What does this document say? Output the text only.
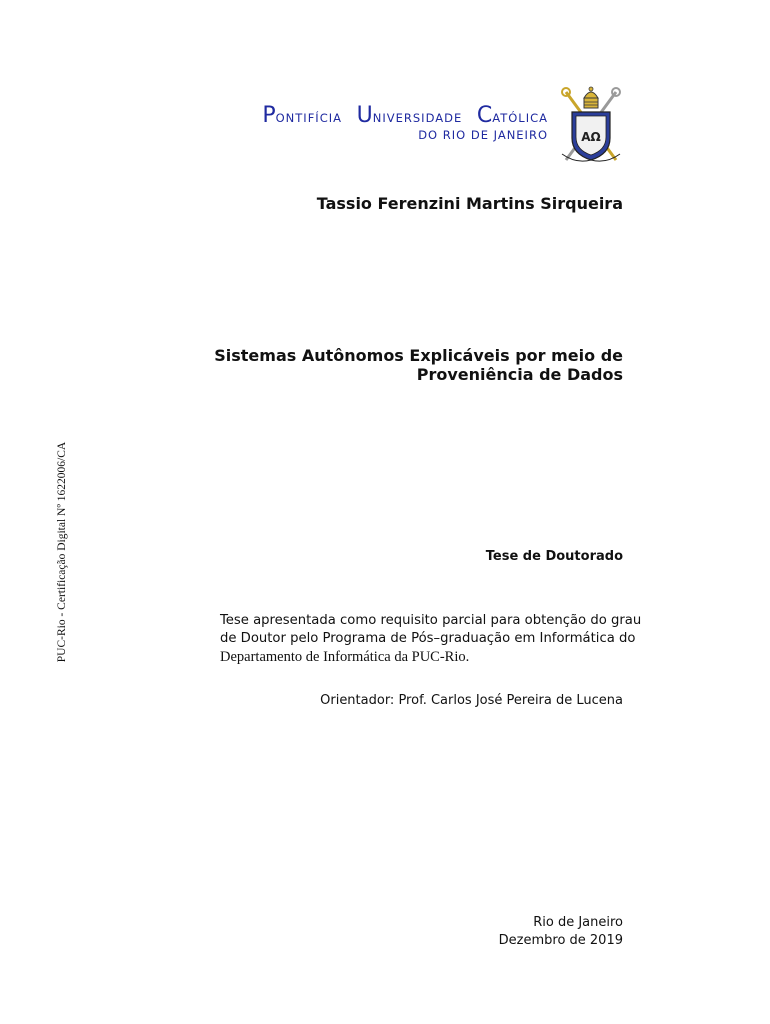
PUC-Rio - Certificação Digital Nº 1622006/CA
PONTIFÍCIA UNIVERSIDADE CATÓLICA
DO RIO DE JANEIRO	ΑΩ
Tassio Ferenzini Martins Sirqueira
Sistemas Autônomos Explicáveis por meio de
Proveniência de Dados
Tese de Doutorado
Tese apresentada como requisito parcial para obtenção do grau
de Doutor pelo Programa de Pós–graduação em Informática do
Departamento de Informática da PUC-Rio.
Orientador: Prof. Carlos José Pereira de Lucena
Rio de Janeiro
Dezembro de 2019
